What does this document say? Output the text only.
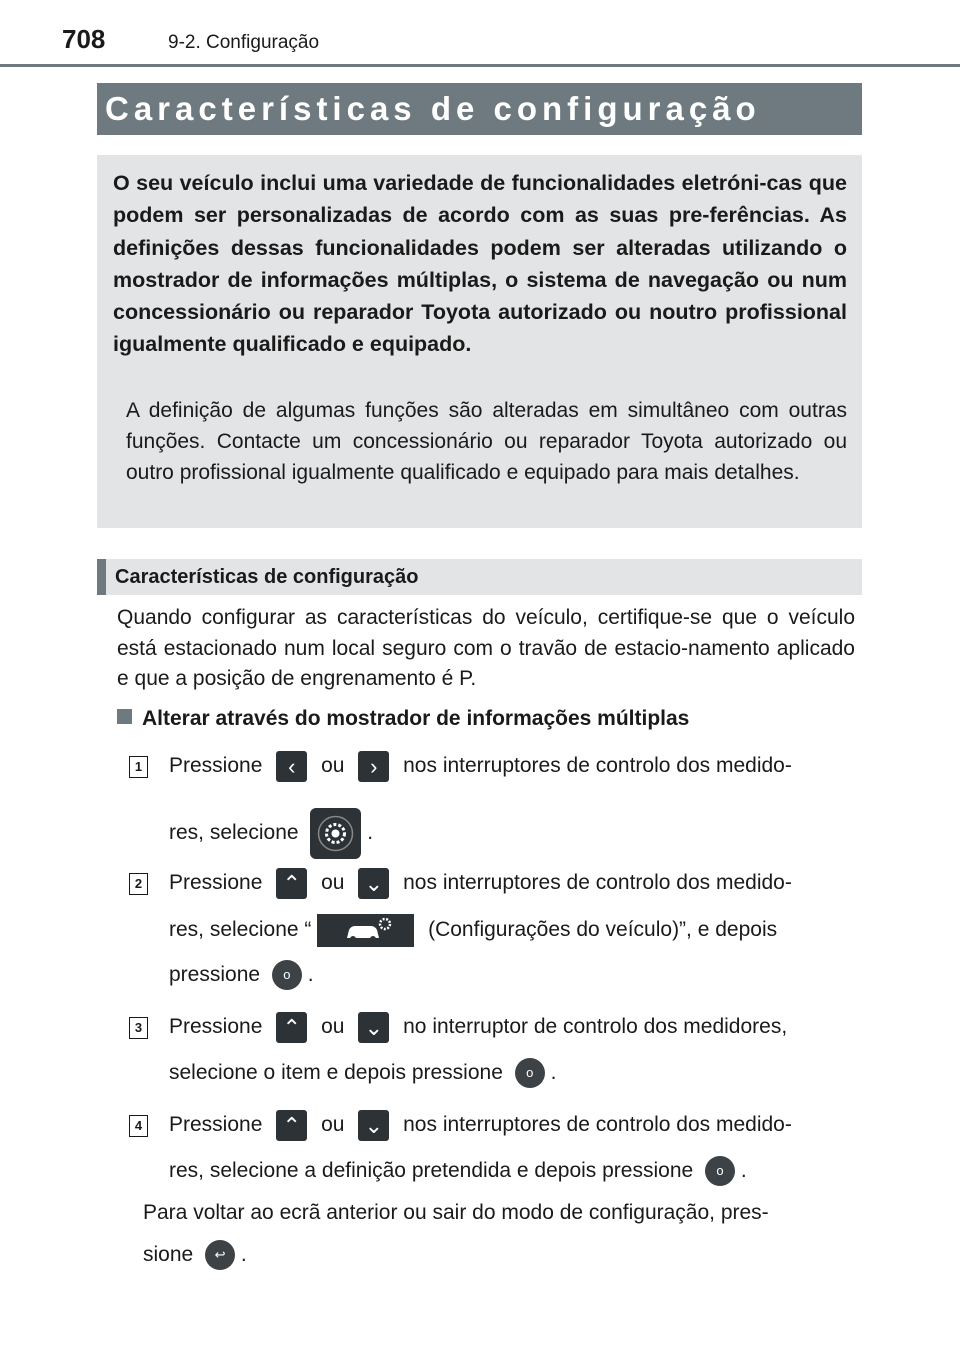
708	9-2. Configuração
Características de configuração
O seu veículo inclui uma variedade de funcionalidades eletróni-cas que podem ser personalizadas de acordo com as suas pre-ferências. As definições dessas funcionalidades podem ser alteradas utilizando o mostrador de informações múltiplas, o sistema de navegação ou num concessionário ou reparador Toyota autorizado ou noutro profissional igualmente qualificado e equipado.
A definição de algumas funções são alteradas em simultâneo com outras funções. Contacte um concessionário ou reparador Toyota autorizado ou outro profissional igualmente qualificado e equipado para mais detalhes.
Características de configuração
Quando configurar as características do veículo, certifique-se que o veículo está estacionado num local seguro com o travão de estacio-namento aplicado e que a posição de engrenamento é P.
Alterar através do mostrador de informações múltiplas
1 Pressione ‹ ou › nos interruptores de controlo dos medido-
res, selecione	.
2 Pressione ⌃ ou ⌄ nos interruptores de controlo dos medido-
res, selecione “	(Configurações do veículo)”, e depois
pressione o .
3 Pressione ⌃ ou ⌄ no interruptor de controlo dos medidores,
selecione o item e depois pressione o .
4 Pressione ⌃ ou ⌄ nos interruptores de controlo dos medido-
res, selecione a definição pretendida e depois pressione o .
Para voltar ao ecrã anterior ou sair do modo de configuração, pres-
sione ↩ .
